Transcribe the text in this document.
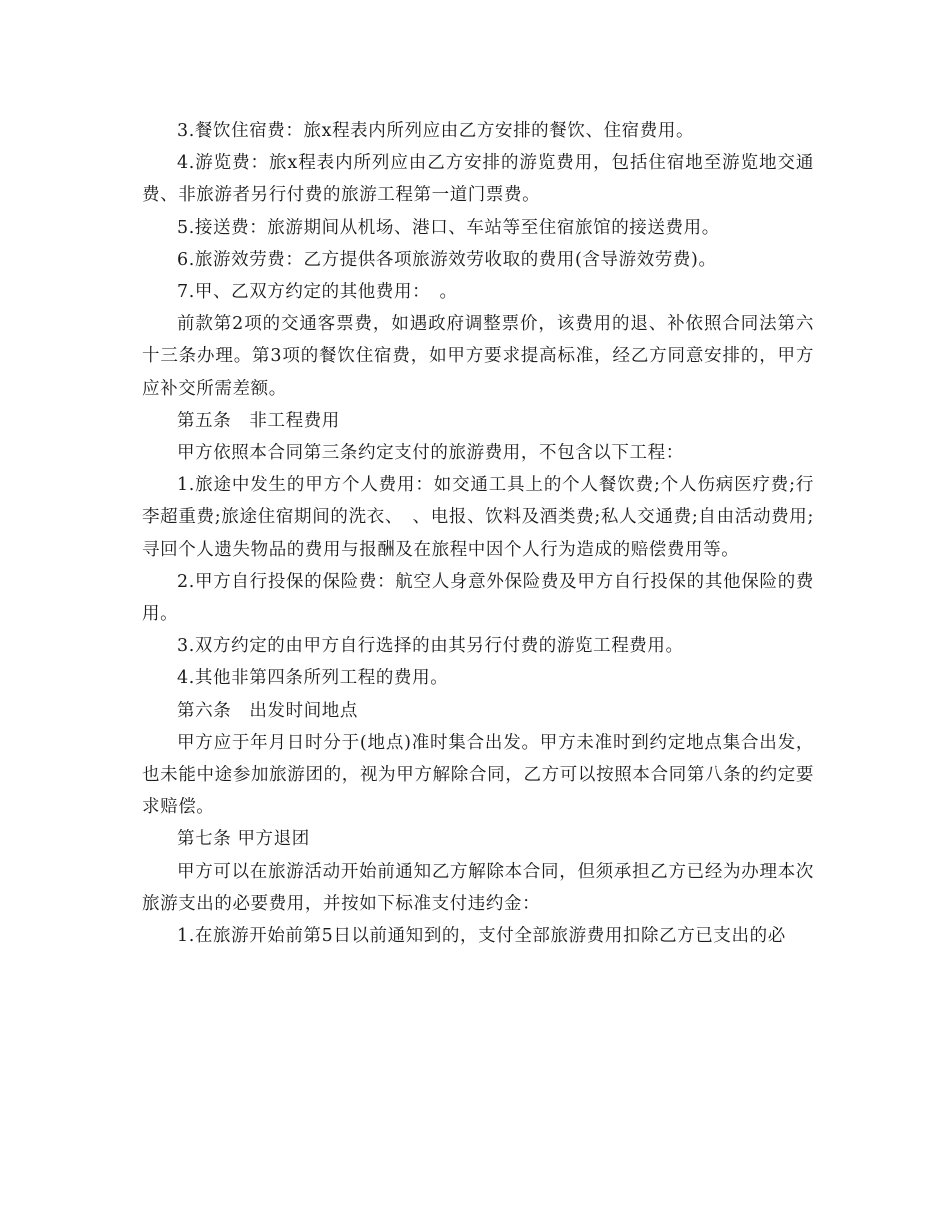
3.餐饮住宿费：旅x程表内所列应由乙方安排的餐饮、住宿费用。

4.游览费：旅x程表内所列应由乙方安排的游览费用，包括住宿地至游览地交通费、非旅游者另行付费的旅游工程第一道门票费。

5.接送费：旅游期间从机场、港口、车站等至住宿旅馆的接送费用。

6.旅游效劳费：乙方提供各项旅游效劳收取的费用(含导游效劳费)。

7.甲、乙双方约定的其他费用：　。

前款第2项的交通客票费，如遇政府调整票价，该费用的退、补依照合同法第六十三条办理。第3项的餐饮住宿费，如甲方要求提高标准，经乙方同意安排的，甲方应补交所需差额。

第五条　非工程费用

甲方依照本合同第三条约定支付的旅游费用，不包含以下工程：

1.旅途中发生的甲方个人费用：如交通工具上的个人餐饮费;个人伤病医疗费;行李超重费;旅途住宿期间的洗衣、　、电报、饮料及酒类费;私人交通费;自由活动费用;寻回个人遗失物品的费用与报酬及在旅程中因个人行为造成的赔偿费用等。

2.甲方自行投保的保险费：航空人身意外保险费及甲方自行投保的其他保险的费用。

3.双方约定的由甲方自行选择的由其另行付费的游览工程费用。

4.其他非第四条所列工程的费用。

第六条　出发时间地点

甲方应于年月日时分于(地点)准时集合出发。甲方未准时到约定地点集合出发，也未能中途参加旅游团的，视为甲方解除合同，乙方可以按照本合同第八条的约定要求赔偿。

第七条 甲方退团

甲方可以在旅游活动开始前通知乙方解除本合同，但须承担乙方已经为办理本次旅游支出的必要费用，并按如下标准支付违约金：

1.在旅游开始前第5日以前通知到的，支付全部旅游费用扣除乙方已支出的必
